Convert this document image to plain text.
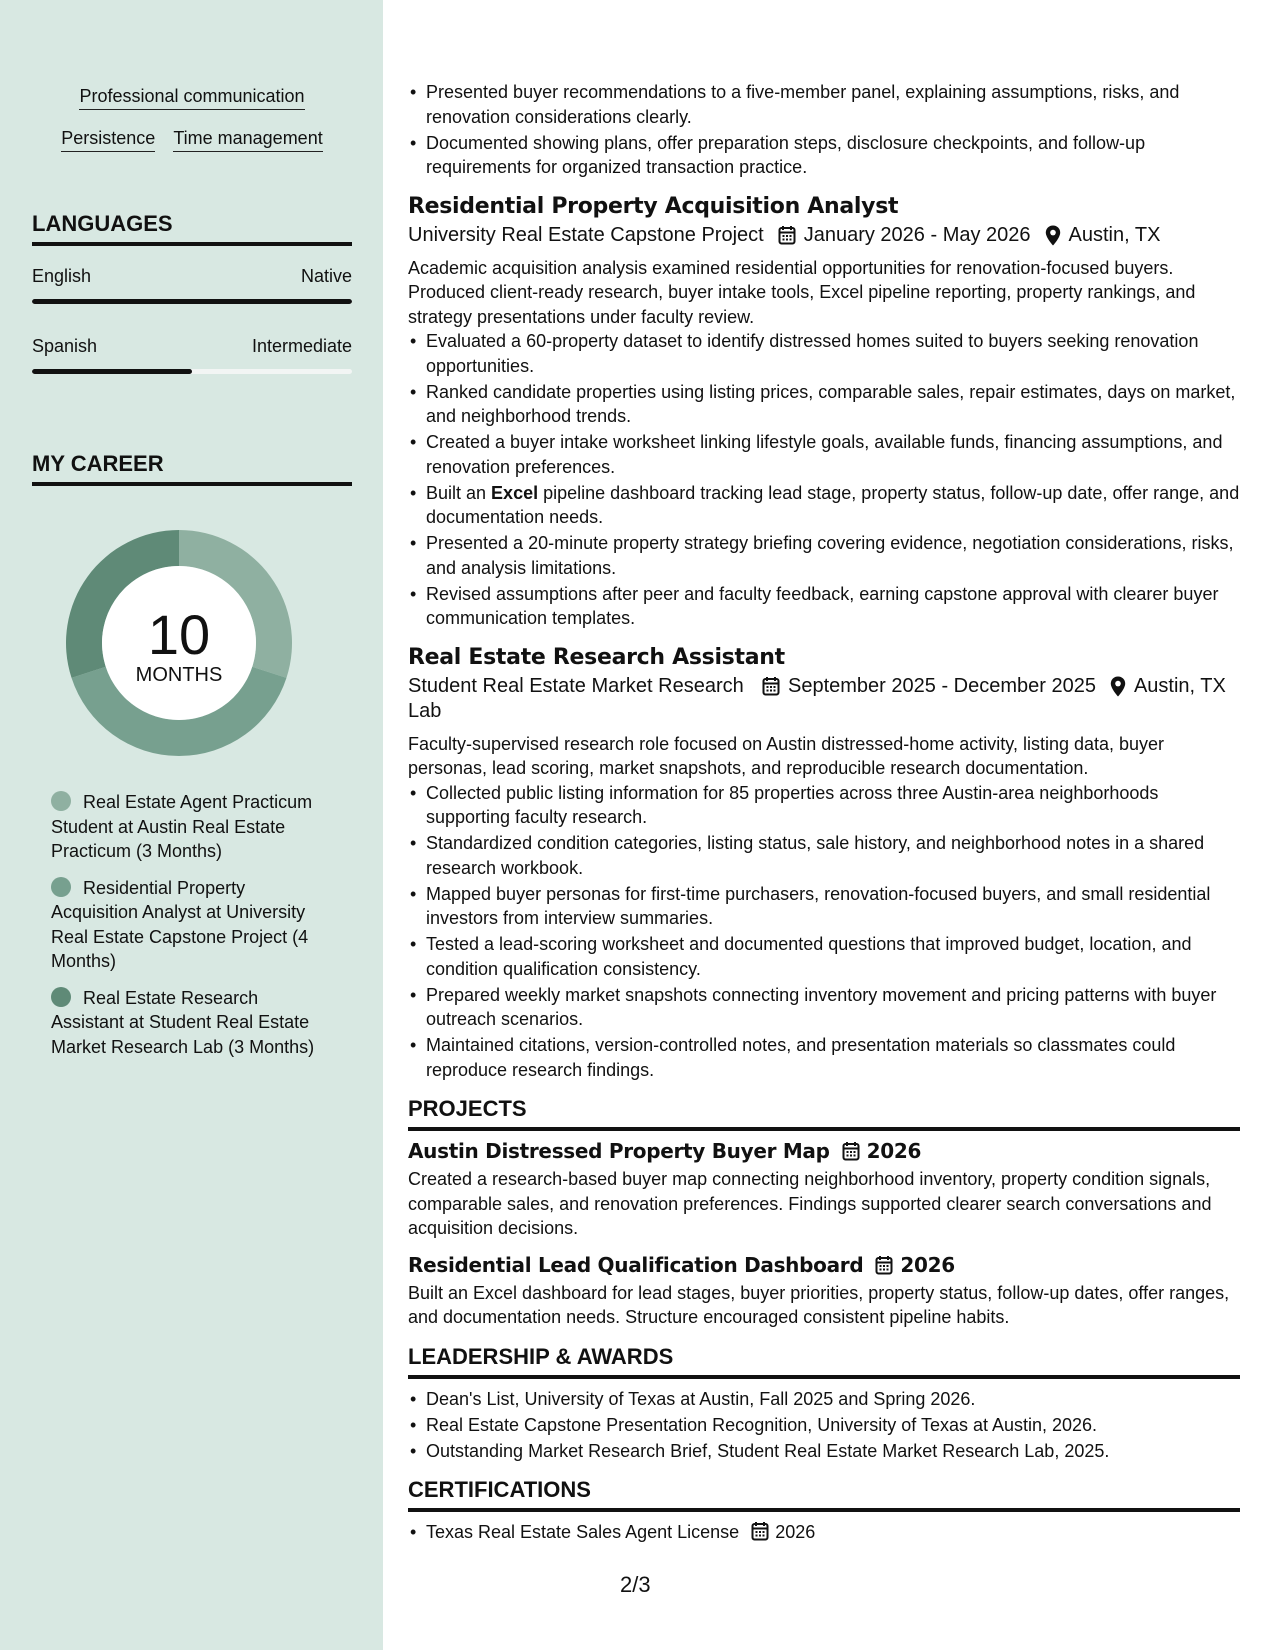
Professional communication
Persistence Time management
LANGUAGES
English	Native
Spanish	Intermediate
MY CAREER
10
MONTHS
Real Estate Agent Practicum Student at Austin Real Estate Practicum (3 Months)
Residential Property Acquisition Analyst at University Real Estate Capstone Project (4 Months)
Real Estate Research Assistant at Student Real Estate Market Research Lab (3 Months)
• Presented buyer recommendations to a five-member panel, explaining assumptions, risks, and renovation considerations clearly.
• Documented showing plans, offer preparation steps, disclosure checkpoints, and follow-up requirements for organized transaction practice.
Residential Property Acquisition Analyst
University Real Estate Capstone Project January 2026 - May 2026 Austin, TX
Academic acquisition analysis examined residential opportunities for renovation-focused buyers. Produced client-ready research, buyer intake tools, Excel pipeline reporting, property rankings, and strategy presentations under faculty review.
• Evaluated a 60-property dataset to identify distressed homes suited to buyers seeking renovation opportunities.
• Ranked candidate properties using listing prices, comparable sales, repair estimates, days on market, and neighborhood trends.
• Created a buyer intake worksheet linking lifestyle goals, available funds, financing assumptions, and renovation preferences.
• Built an Excel pipeline dashboard tracking lead stage, property status, follow-up date, offer range, and documentation needs.
• Presented a 20-minute property strategy briefing covering evidence, negotiation considerations, risks, and analysis limitations.
• Revised assumptions after peer and faculty feedback, earning capstone approval with clearer buyer communication templates.
Real Estate Research Assistant
Student Real Estate Market Research Lab
September 2025 - December 2025 Austin, TX
Faculty-supervised research role focused on Austin distressed-home activity, listing data, buyer personas, lead scoring, market snapshots, and reproducible research documentation.
• Collected public listing information for 85 properties across three Austin-area neighborhoods supporting faculty research.
• Standardized condition categories, listing status, sale history, and neighborhood notes in a shared research workbook.
• Mapped buyer personas for first-time purchasers, renovation-focused buyers, and small residential investors from interview summaries.
• Tested a lead-scoring worksheet and documented questions that improved budget, location, and condition qualification consistency.
• Prepared weekly market snapshots connecting inventory movement and pricing patterns with buyer outreach scenarios.
• Maintained citations, version-controlled notes, and presentation materials so classmates could reproduce research findings.
PROJECTS
Austin Distressed Property Buyer Map 2026
Created a research-based buyer map connecting neighborhood inventory, property condition signals, comparable sales, and renovation preferences. Findings supported clearer search conversations and acquisition decisions.
Residential Lead Qualification Dashboard 2026
Built an Excel dashboard for lead stages, buyer priorities, property status, follow-up dates, offer ranges, and documentation needs. Structure encouraged consistent pipeline habits.
LEADERSHIP & AWARDS
• Dean's List, University of Texas at Austin, Fall 2025 and Spring 2026.
• Real Estate Capstone Presentation Recognition, University of Texas at Austin, 2026.
• Outstanding Market Research Brief, Student Real Estate Market Research Lab, 2025.
CERTIFICATIONS
• Texas Real Estate Sales Agent License 2026
2/3
